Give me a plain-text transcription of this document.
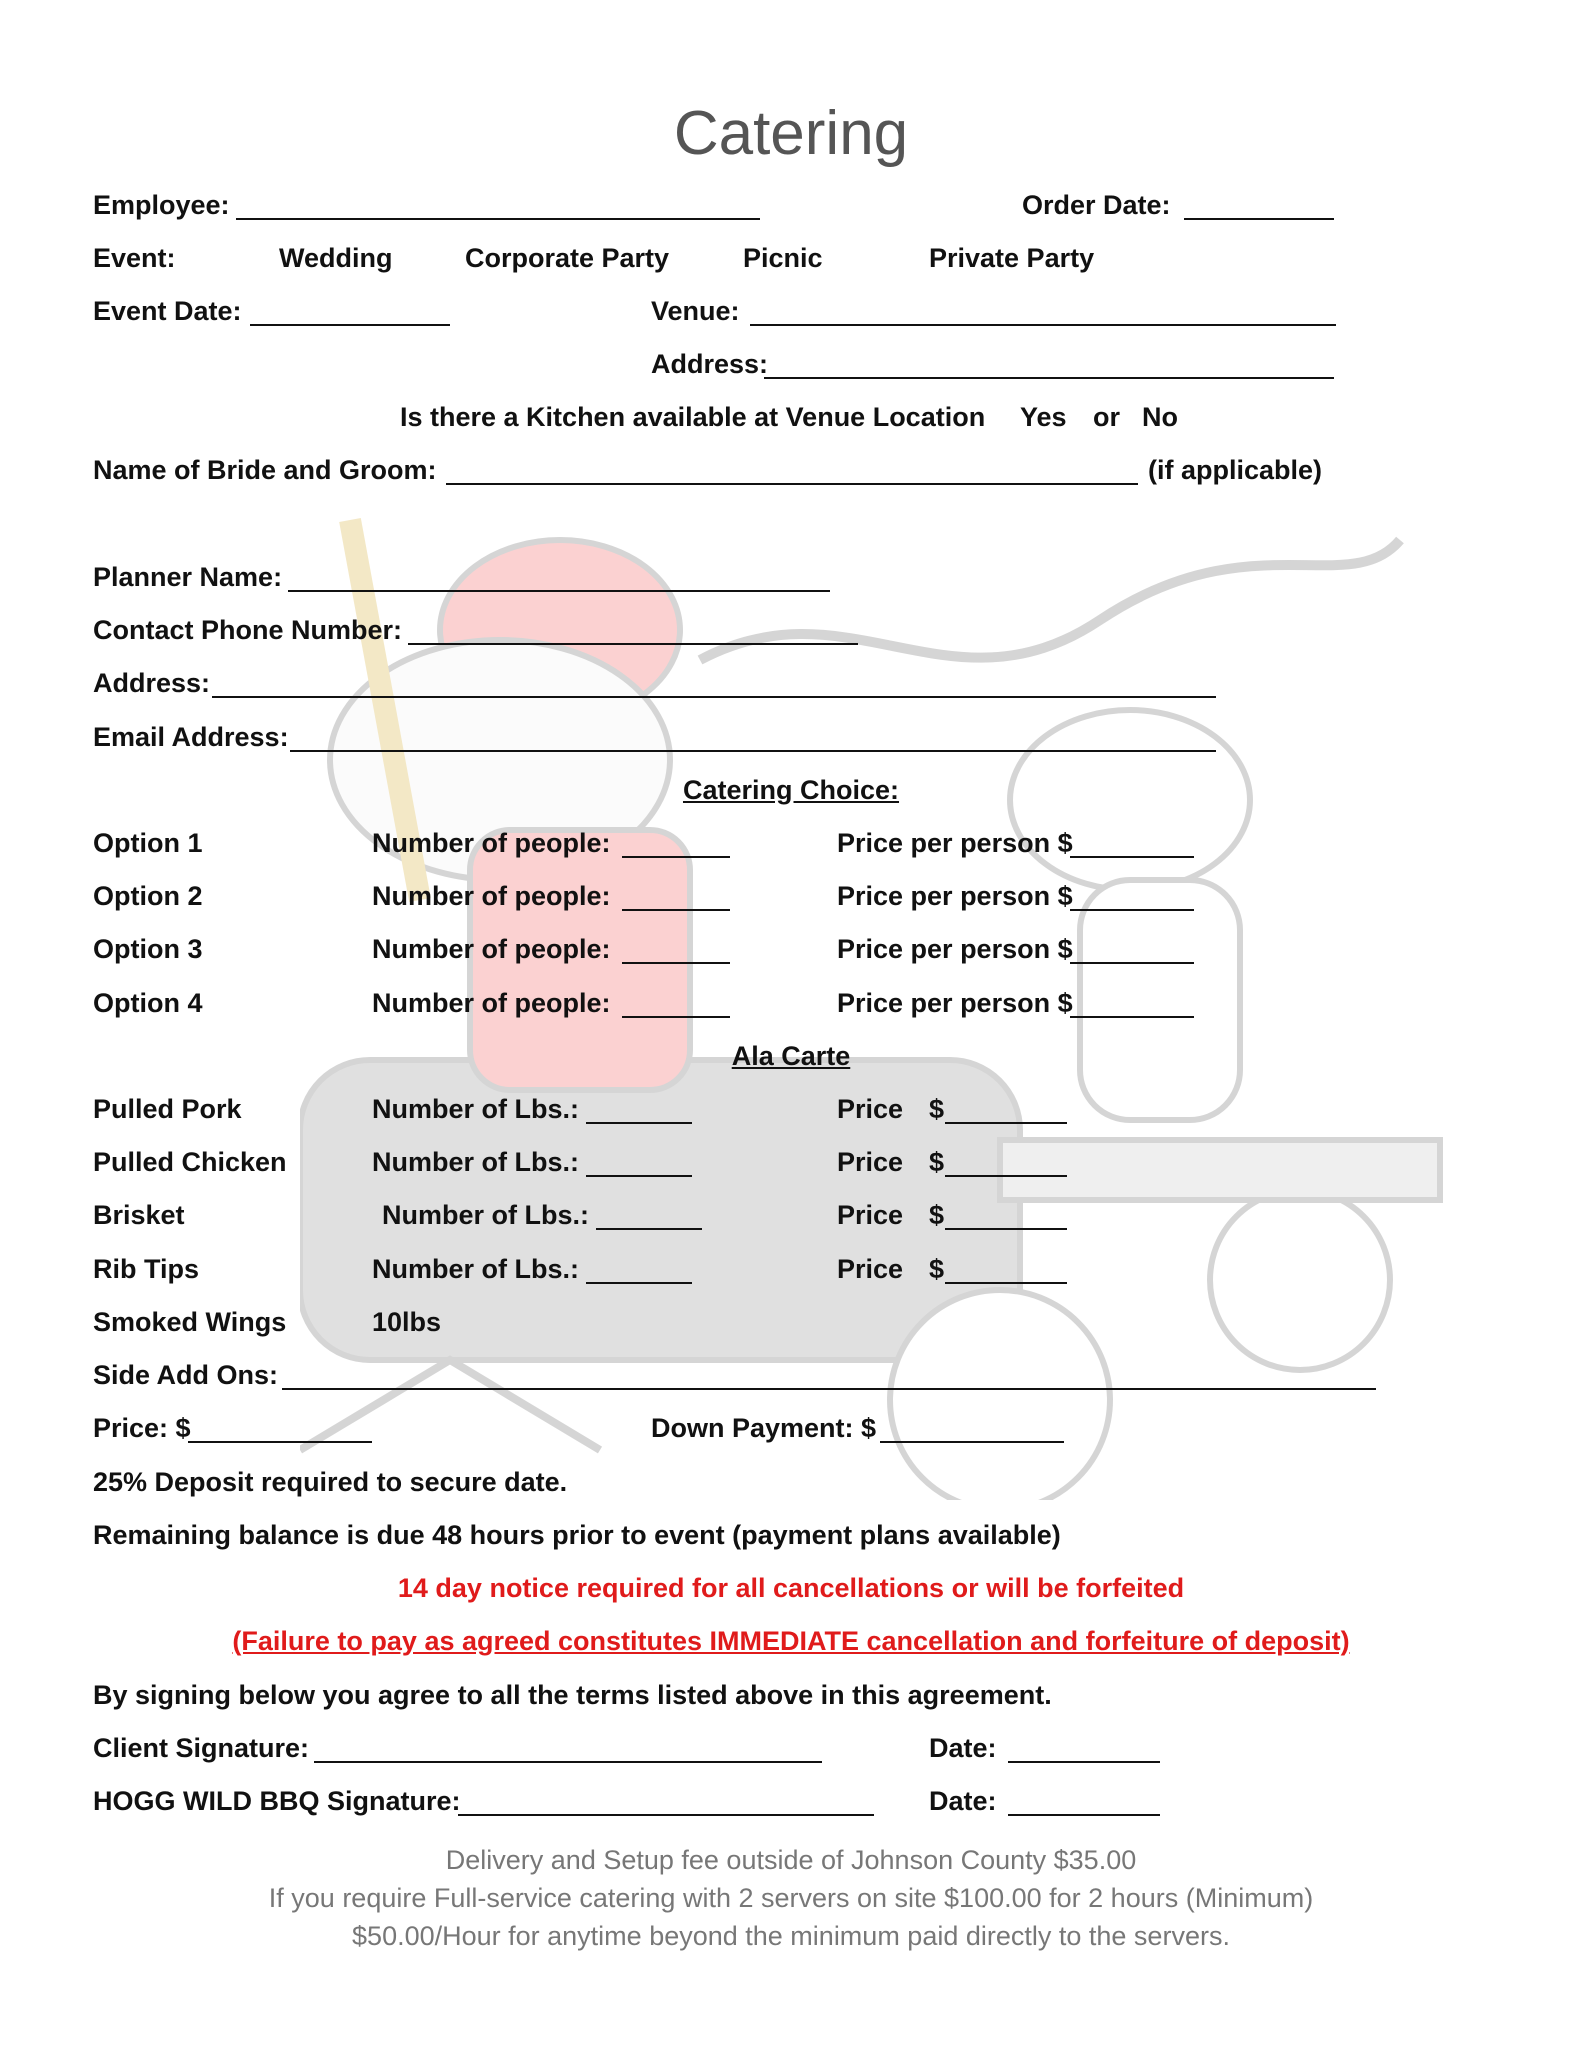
Catering
Employee:	Order Date:
Event:	Wedding	Corporate Party	Picnic	Private Party
Event Date:	Venue:
Address:
Is there a Kitchen available at Venue Location Yes or No
Name of Bride and Groom:	(if applicable)
Planner Name:
Contact Phone Number:
Address:
Email Address:
Catering Choice:
Option 1	Number of people:	Price per person $
Option 2	Number of people:	Price per person $
Option 3	Number of people:	Price per person $
Option 4	Number of people:	Price per person $
Ala Carte
Pulled Pork	Number of Lbs.:	Price $
Pulled Chicken	Number of Lbs.:	Price $
Brisket	Number of Lbs.:	Price $
Rib Tips	Number of Lbs.:	Price $
Smoked Wings	10lbs
Side Add Ons:
Price: $	Down Payment: $
25% Deposit required to secure date.
Remaining balance is due 48 hours prior to event (payment plans available)
14 day notice required for all cancellations or will be forfeited
(Failure to pay as agreed constitutes IMMEDIATE cancellation and forfeiture of deposit)
By signing below you agree to all the terms listed above in this agreement.
Client Signature:	Date:
HOGG WILD BBQ Signature:	Date:
Delivery and Setup fee outside of Johnson County $35.00
If you require Full-service catering with 2 servers on site $100.00 for 2 hours (Minimum)
$50.00/Hour for anytime beyond the minimum paid directly to the servers.
